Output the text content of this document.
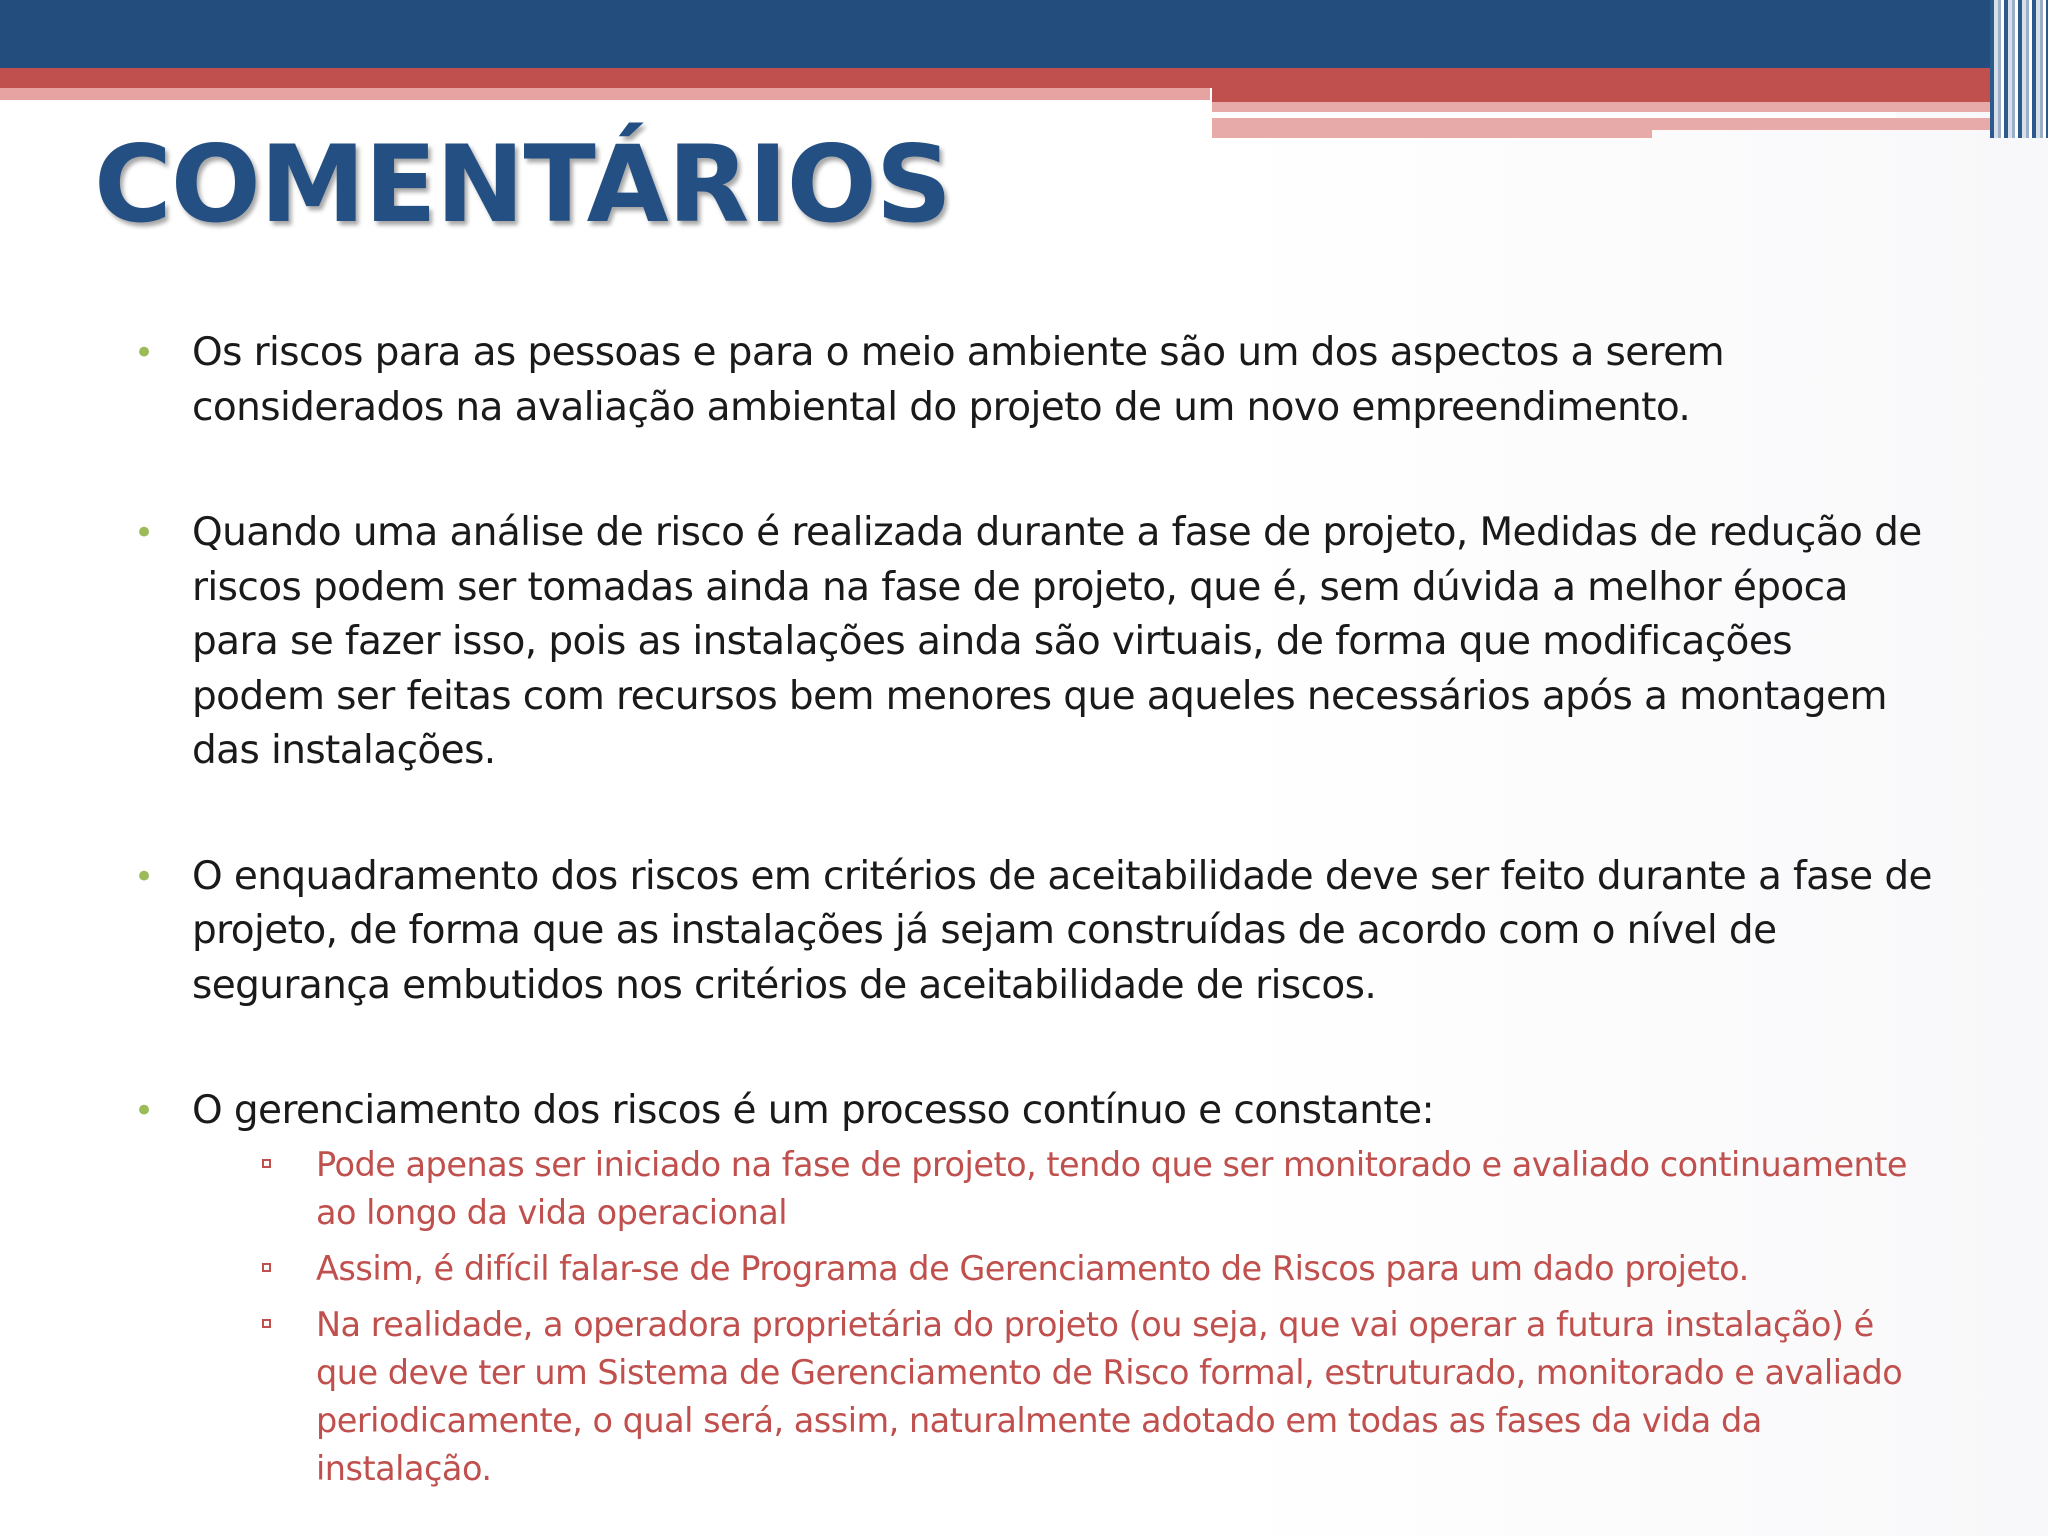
COMENTÁRIOS
• Os riscos para as pessoas e para o meio ambiente são um dos aspectos a serem considerados na avaliação ambiental do projeto de um novo empreendimento.
• Quando uma análise de risco é realizada durante a fase de projeto, Medidas de redução de riscos podem ser tomadas ainda na fase de projeto, que é, sem dúvida a melhor época para se fazer isso, pois as instalações ainda são virtuais, de forma que modificações podem ser feitas com recursos bem menores que aqueles necessários após a montagem das instalações.
• O enquadramento dos riscos em critérios de aceitabilidade deve ser feito durante a fase de projeto, de forma que as instalações já sejam construídas de acordo com o nível de segurança embutidos nos critérios de aceitabilidade de riscos.
• O gerenciamento dos riscos é um processo contínuo e constante:
Pode apenas ser iniciado na fase de projeto, tendo que ser monitorado e avaliado continuamente ao longo da vida operacional
Assim, é difícil falar-se de Programa de Gerenciamento de Riscos para um dado projeto.
Na realidade, a operadora proprietária do projeto (ou seja, que vai operar a futura instalação) é que deve ter um Sistema de Gerenciamento de Risco formal, estruturado, monitorado e avaliado periodicamente, o qual será, assim, naturalmente adotado em todas as fases da vida da instalação.
